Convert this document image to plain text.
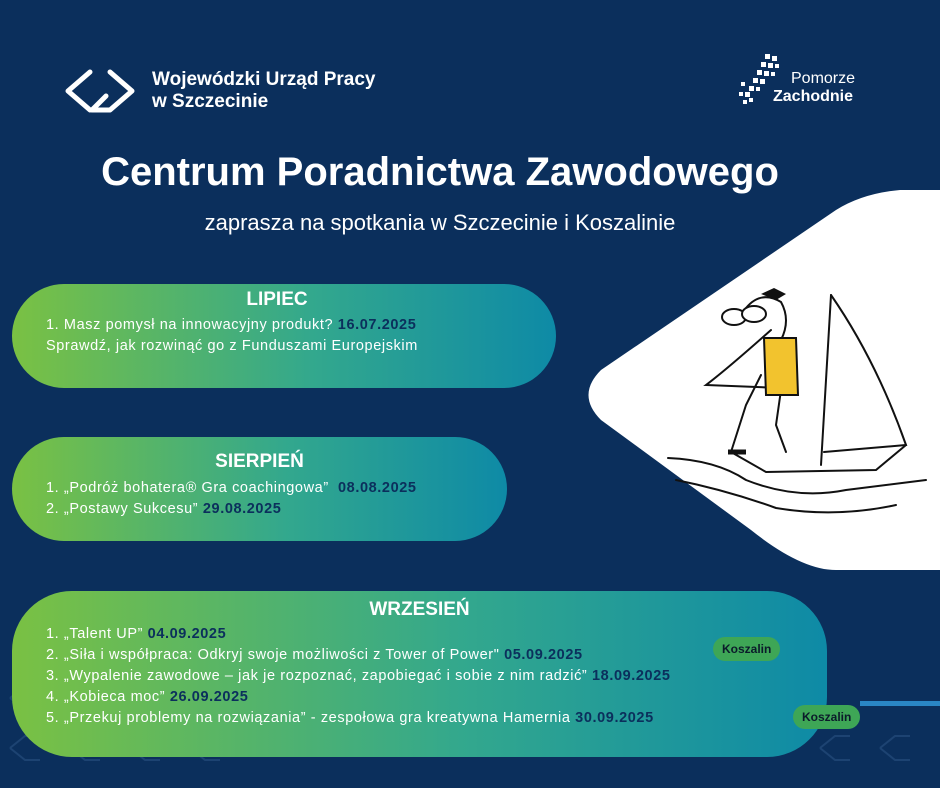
Wojewódzki Urząd Pracy
w Szczecinie
Pomorze
Zachodnie
Centrum Poradnictwa Zawodowego
zaprasza na spotkania w Szczecinie i Koszalinie
LIPIEC
1. Masz pomysł na innowacyjny produkt? 16.07.2025
Sprawdź, jak rozwinąć go z Funduszami Europejskim
SIERPIEŃ
1. „Podróż bohatera® Gra coachingowa”  08.08.2025
2. „Postawy Sukcesu” 29.08.2025
WRZESIEŃ
1. „Talent UP” 04.09.2025
2. „Siła i współpraca: Odkryj swoje możliwości z Tower of Power" 05.09.2025
3. „Wypalenie zawodowe – jak je rozpoznać, zapobiegać i sobie z nim radzić” 18.09.2025
4. „Kobieca moc” 26.09.2025
5. „Przekuj problemy na rozwiązania” - zespołowa gra kreatywna Hamernia 30.09.2025
Koszalin
Koszalin
